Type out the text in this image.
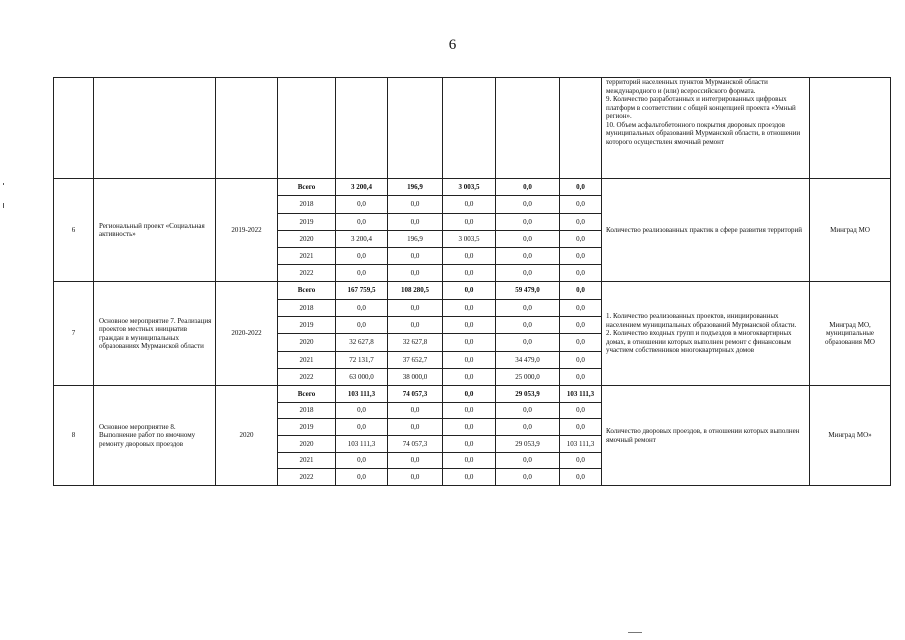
6

									территорий населенных пунктов Мурманской области международного и (или) всероссийского формата.
9. Количество разработанных и интегрированных цифровых платформ в соответствии с общей концепцией проекта «Умный регион».
10. Объем асфальтобетонного покрытия дворовых проездов муниципальных образований Мурманской области, в отношении которого осуществлен ямочный ремонт	

6	Региональный проект «Социальная активность»	2019-2022	Всего	3 200,4	196,9	3 003,5	0,0	0,0	Количество реализованных практик в сфере развития территорий	Минград МО
			2018	0,0	0,0	0,0	0,0	0,0		
			2019	0,0	0,0	0,0	0,0	0,0		
			2020	3 200,4	196,9	3 003,5	0,0	0,0		
			2021	0,0	0,0	0,0	0,0	0,0		
			2022	0,0	0,0	0,0	0,0	0,0		
7	Основное мероприятие 7. Реализация проектов местных инициатив граждан в муниципальных образованиях Мурманской области	2020-2022	Всего	167 759,5	108 280,5	0,0	59 479,0	0,0	1. Количество реализованных проектов, инициированных населением муниципальных образований Мурманской области.
2. Количество входных групп и подъездов в многоквартирных домах, в отношении которых выполнен ремонт с финансовым участием собственников многоквартирных домов	Минград МО, муниципальные образования МО
			2018	0,0	0,0	0,0	0,0	0,0		
			2019	0,0	0,0	0,0	0,0	0,0		
			2020	32 627,8	32 627,8	0,0	0,0	0,0		
			2021	72 131,7	37 652,7	0,0	34 479,0	0,0		
			2022	63 000,0	38 000,0	0,0	25 000,0	0,0		
8	Основное мероприятие 8. Выполнение работ по ямочному ремонту дворовых проездов	2020	Всего	103 111,3	74 057,3	0,0	29 053,9	103 111,3	Количество дворовых проездов, в отношении которых выполнен ямочный ремонт	Минград МО»
			2018	0,0	0,0	0,0	0,0	0,0		
			2019	0,0	0,0	0,0	0,0	0,0		
			2020	103 111,3	74 057,3	0,0	29 053,9	103 111,3		
			2021	0,0	0,0	0,0	0,0	0,0		
			2022	0,0	0,0	0,0	0,0	0,0		
